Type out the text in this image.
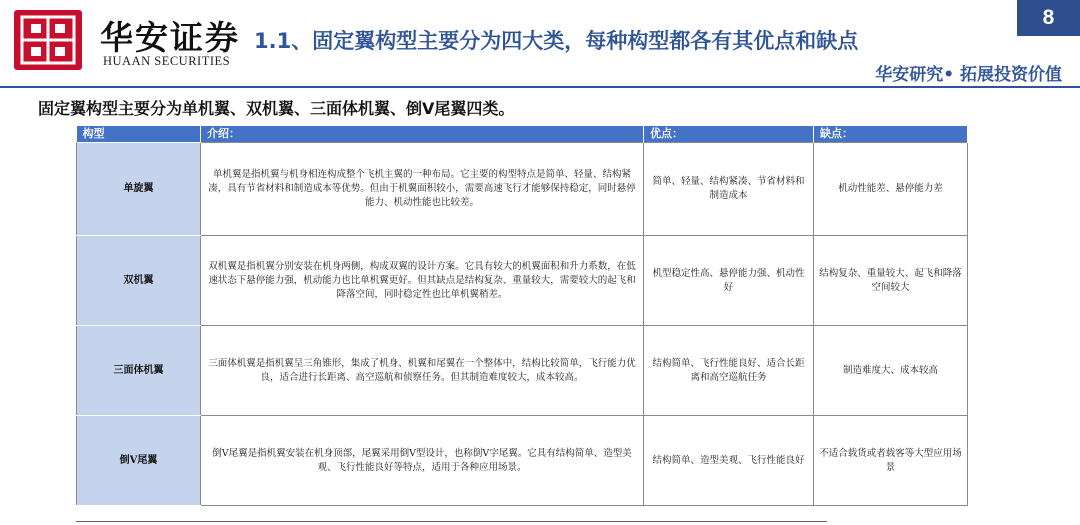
华安证券
HUAAN SECURITIES
1.1、固定翼构型主要分为四大类，每种构型都各有其优点和缺点
8
华安研究• 拓展投资价值
固定翼构型主要分为单机翼、双机翼、三面体机翼、倒V尾翼四类。
构型	介绍：	优点：	缺点：
单旋翼	单机翼是指机翼与机身相连构成整个飞机主翼的一种布局。它主要的构型特点是简单、轻量、结构紧凑，具有节省材料和制造成本等优势。但由于机翼面积较小，需要高速飞行才能够保持稳定，同时悬停能力、机动性能也比较差。	简单、轻量、结构紧凑、节省材料和制造成本	机动性能差、悬停能力差
双机翼	双机翼是指机翼分别安装在机身两侧，构成双翼的设计方案。它具有较大的机翼面积和升力系数，在低速状态下悬停能力强，机动能力也比单机翼更好。但其缺点是结构复杂、重量较大，需要较大的起飞和降落空间，同时稳定性也比单机翼稍差。	机型稳定性高、悬停能力强、机动性好	结构复杂、重量较大、起飞和降落空间较大
三面体机翼	三面体机翼是指机翼呈三角锥形，集成了机身、机翼和尾翼在一个整体中，结构比较简单，飞行能力优良，适合进行长距离、高空巡航和侦察任务。但其制造难度较大，成本较高。	结构简单、飞行性能良好、适合长距离和高空巡航任务	制造难度大、成本较高
倒V尾翼	倒V尾翼是指机翼安装在机身顶部，尾翼采用倒V型设计，也称倒V字尾翼。它具有结构简单、造型美观、飞行性能良好等特点，适用于各种应用场景。	结构简单、造型美观、飞行性能良好	不适合载货或者载客等大型应用场景
